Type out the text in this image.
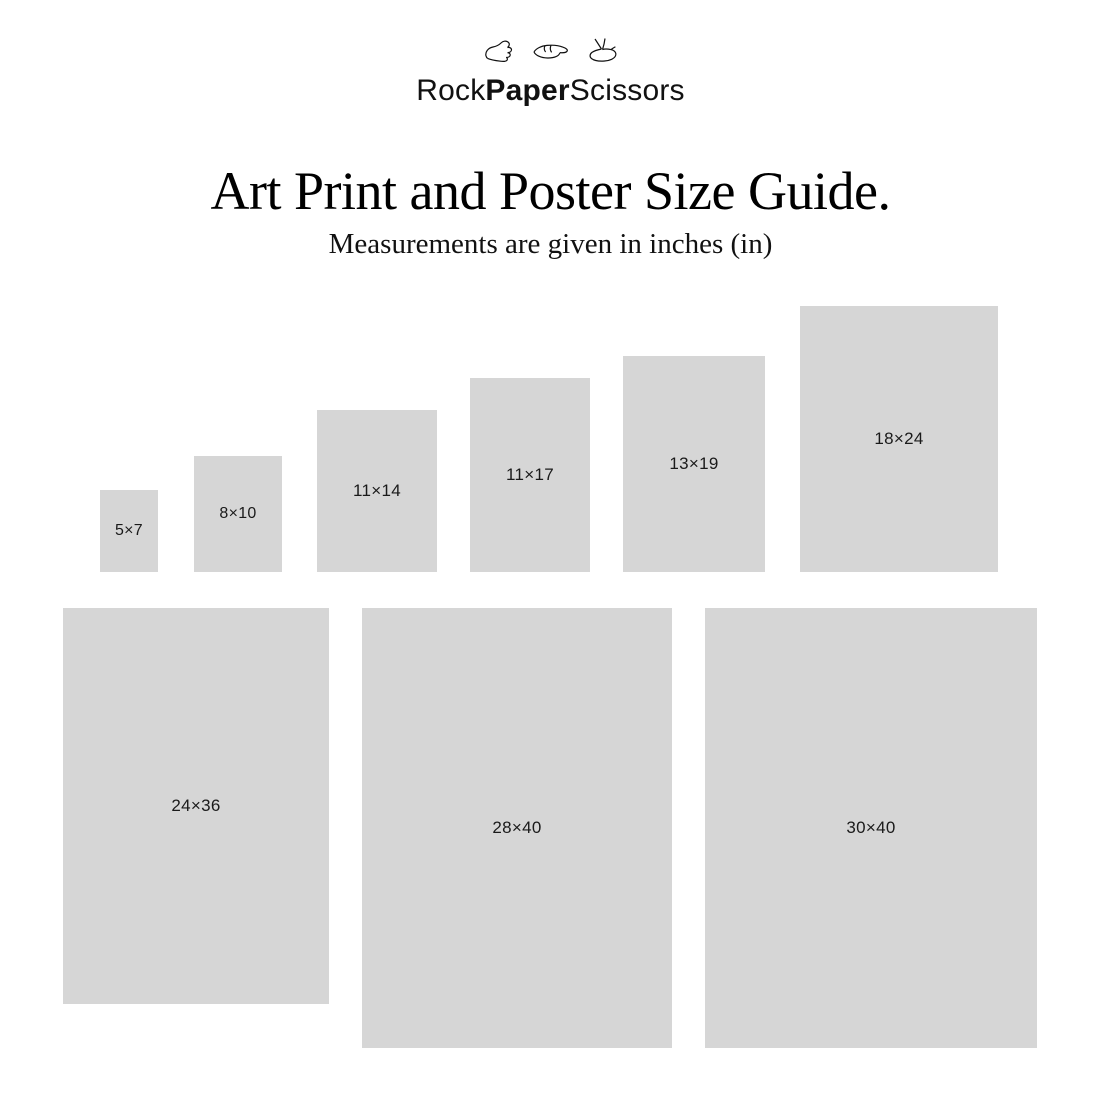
RockPaperScissors
Art Print and Poster Size Guide.
Measurements are given in inches (in)
5×7
8×10
11×14
11×17
13×19
18×24
24×36
28×40	30×40
